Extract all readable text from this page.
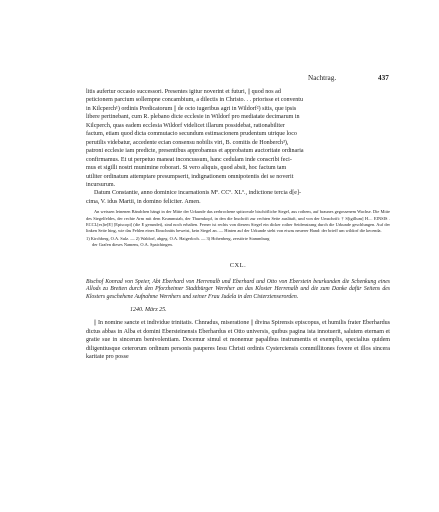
Nachtrag.	437

litis aufertur occasio successori. Presentes igitur noverint et futuri, || quod nos ad

peticionem parcium sollempne concambium, a dilectis in Christo. . . priorisse et conventu

in Kilcperch¹) ordinis Predicatorum || de octo iugeribus agri in Wildorf²) sitis, que ipsis

libere pertinebant, cum R. plebano dicte ecclesie in Wildorf pro mediatate decimarum in

Kilcperch, quas eadem ecclesia Wildorf videlicet illarum possidebat, rationabiliter

factum, etiam quod dicta commutacio secundum estimacionem prudentum utrique loco

perutilis videbatur, accedente ecian consensu nobilis viri, B. comitis de Honberch³),

patroni ecclesie iam predicte, presentibus approbamus et approbatum auctoritate ordinaria

confirmamus. Et ut perpetuo maneat inconcussum, hanc cedulam inde conscribi feci-

mus et sigilli nostri munimine roborari. Si vero aliquis, quod absit, hoc factum tam

utiliter ordinatum attemptare presumpserit, indignationem omnipotentis dei se noverit

incursurum.

Datum Constantie, anno dominice incarnationis Mº. CCº. XLº., indictione tercia d[e]-

cima, V. idus Martii, in domino feliciter. Amen.

An weissen leinenen Bändchen hängt in der Mitte der Urkunde das zerbrochene spitzovale bischöfliche Siegel, aus rothem, auf braunes gegossenem Wachse. Die Mitte des Siegelfeldes, der rechte Arm mit dem Krummstab, der Thurmkopf, in den die Inschrift zur rechten Seite ausläuft, und von der Umschrift: † S[igillum] H.... EINSIS . ECCL[es]ie[E] [Episcopi] (die E gerundet), sind noch erhalten. Ferner ist rechts von diesem Siegel ein dicker rother Seidenstrang durch die Urkunde geschlungen. Auf der linken Seite hing, wie das Fehlen eines Einschnitts beweist, kein Siegel an. — Hinten auf der Urkunde steht von etwas neuerer Hand: der brieff um wildorf die kecenda.

1) Kirchberg, O.A. Sulz. — 2) Waldorf, abgeg. O.A. Haigerloch. — 3) Hohenberg, zerstörte Stammburg

der Grafen dieses Namens, O.A. Spaichingen.

CXL.

Bischof Konrad von Speier, Abt Eberhard von Herrenalb und Eberhard und Otto von Eberstein beurkunden die Schenkung eines Allods zu Bretten durch den Pforzheimer Stadtbürger Wernher an das Kloster Herrenalb und die zum Danke dafür Seitens des Klosters geschehene Aufnahme Wernhers und seiner Frau Judela in den Cisterzienserorden.

1240. März 25.

|| In nomine sancte et individue trinitatis. Chnradus, miseratione || divina Spirensis episcopus, et humilis frater Eberhardus dictus abbas in Alba et domini Ebersteinensis Eberhardus et Otto universis, quibus pagina ista innotuerit, salutem eternam et gratie sue in sincerum benivolentiam. Docemur simul et monemur papalibus instrumentis et exemplis, specialius quidem diligentiusque ceterorum ordinum personis pauperes Iesu Christi ordinis Cysterciensis commillitones fovere et illos sincera karitate pro posse
